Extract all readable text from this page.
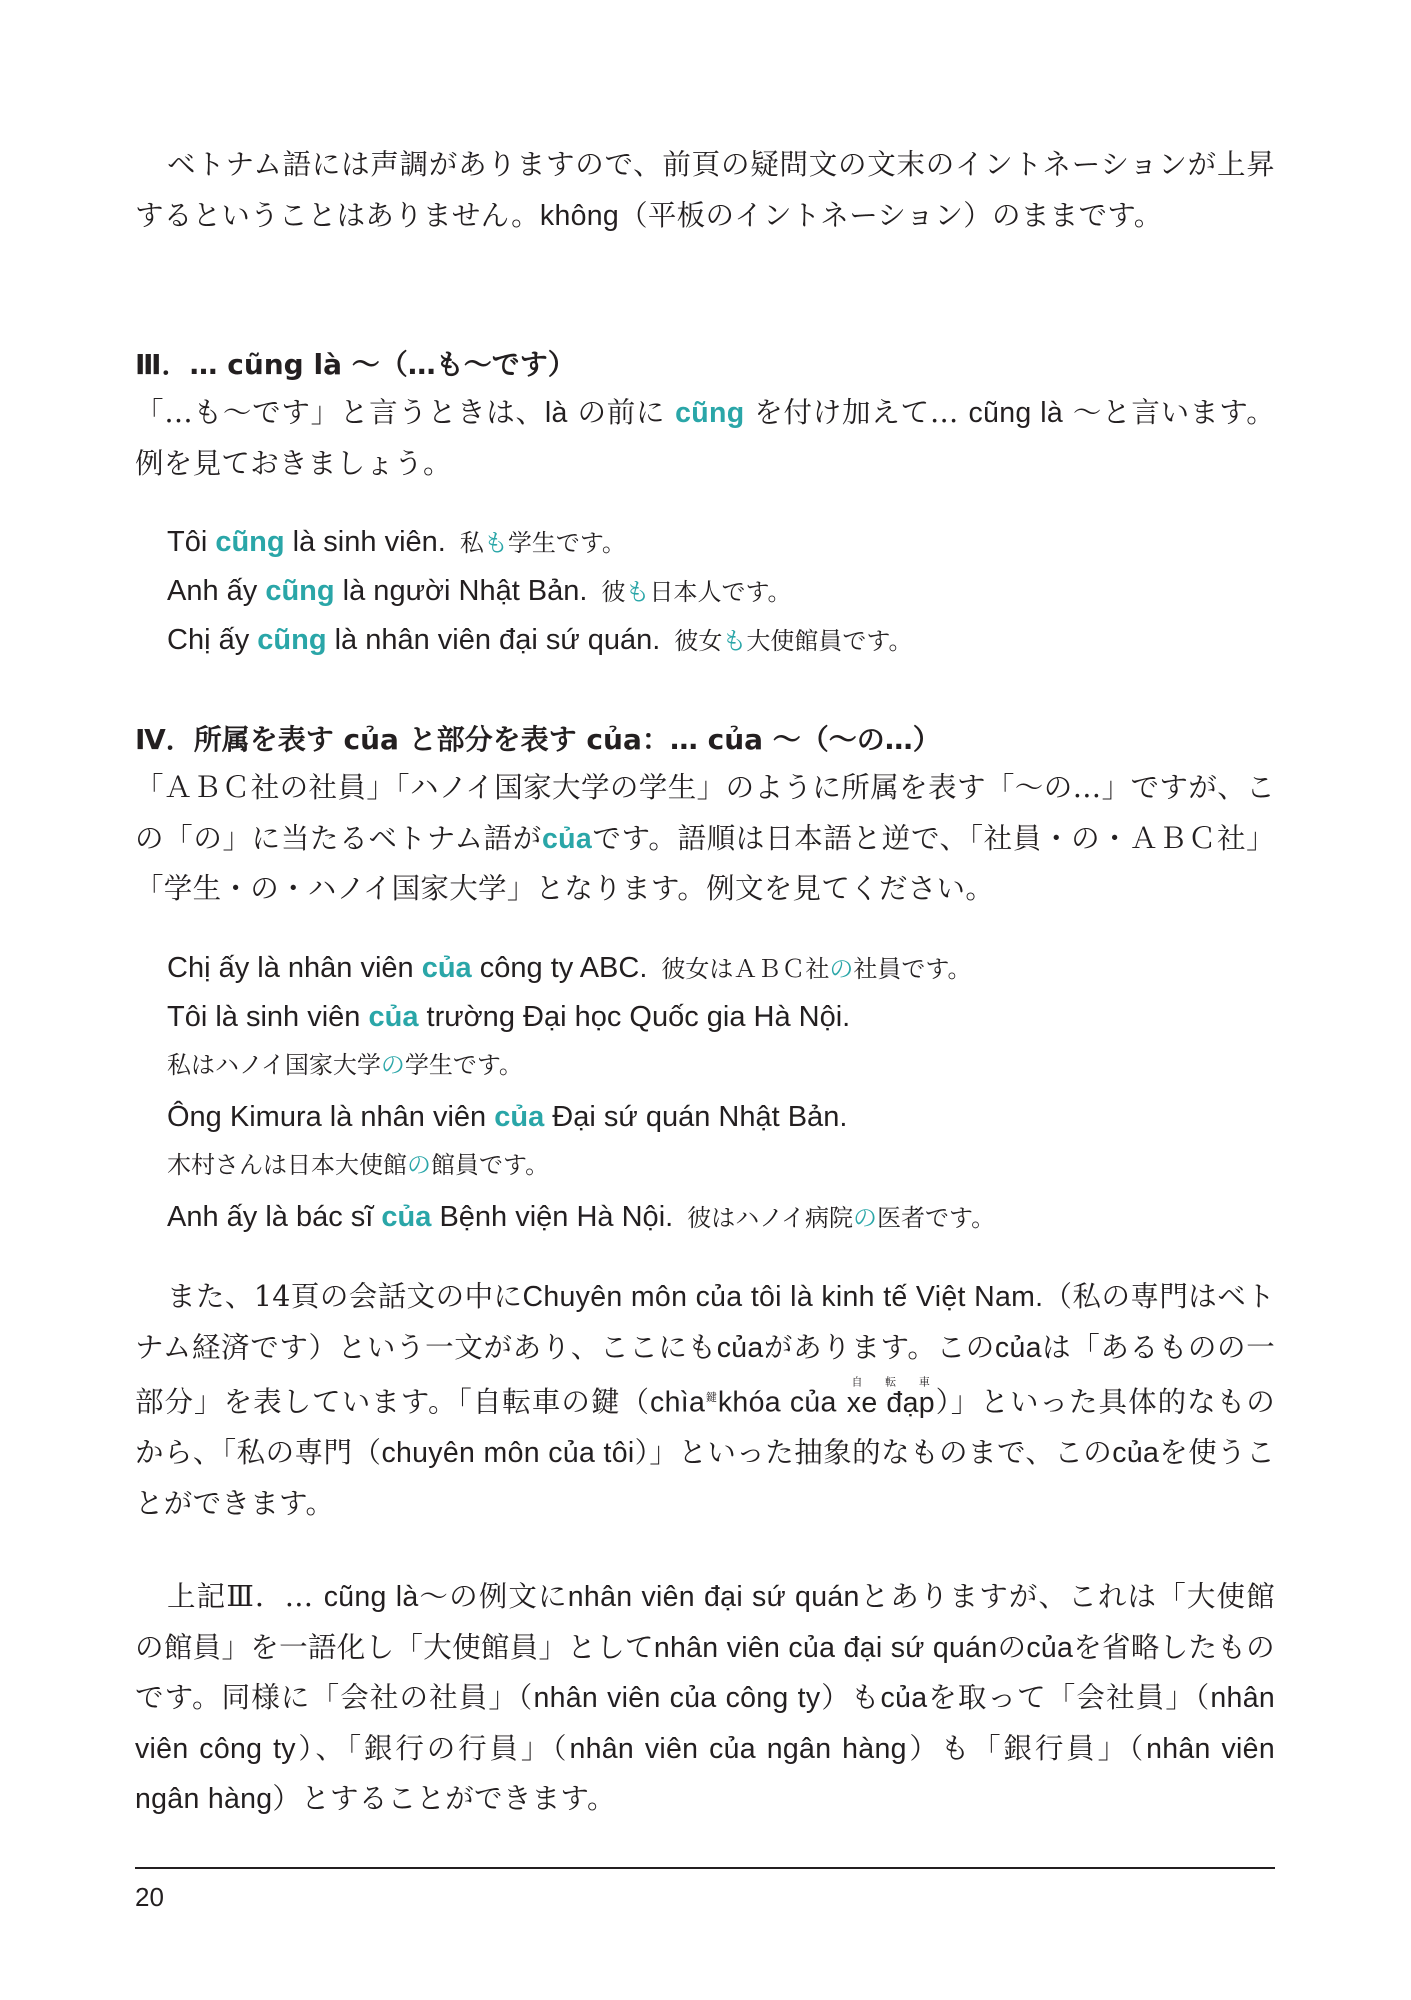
ベトナム語には声調がありますので、前頁の疑問文の文末のイントネーションが上昇するということはありません。không（平板のイントネーション）のままです。

Ⅲ．… cũng là 〜（…も〜です）

「…も〜です」と言うときは、là の前に cũng を付け加えて… cũng là 〜と言います。例を見ておきましょう。

Tôi cũng là sinh viên. 私も学生です。

Anh ấy cũng là người Nhật Bản. 彼も日本人です。

Chị ấy cũng là nhân viên đại sứ quán. 彼女も大使館員です。

Ⅳ．所属を表す của と部分を表す của：… của 〜（〜の…）

「ＡＢＣ社の社員」「ハノイ国家大学の学生」のように所属を表す「〜の…」ですが、この「の」に当たるベトナム語がcủaです。語順は日本語と逆で、「社員・の・ＡＢＣ社」「学生・の・ハノイ国家大学」となります。例文を見てください。

Chị ấy là nhân viên của công ty ABC. 彼女はＡＢＣ社の社員です。

Tôi là sinh viên của trường Đại học Quốc gia Hà Nội.

私はハノイ国家大学の学生です。

Ông Kimura là nhân viên của Đại sứ quán Nhật Bản.

木村さんは日本大使館の館員です。

Anh ấy là bác sĩ của Bệnh viện Hà Nội. 彼はハノイ病院の医者です。

また、14頁の会話文の中にChuyên môn của tôi là kinh tế Việt Nam.（私の専門はベトナム経済です）という一文があり、ここにもcủaがあります。このcủaは「あるものの一部分」を表しています。「自転車の鍵（chìa$^鍵$khóa của xe đạp自 転 車）」といった具体的なものから、「私の専門（chuyên môn của tôi）」といった抽象的なものまで、このcủaを使うことができます。

上記Ⅲ．… cũng là〜の例文にnhân viên đại sứ quánとありますが、これは「大使館の館員」を一語化し「大使館員」としてnhân viên của đại sứ quánのcủaを省略したものです。同様に「会社の社員」（nhân viên của công ty）もcủaを取って「会社員」（nhân viên công ty）、「銀行の行員」（nhân viên của ngân hàng）も「銀行員」（nhân viên ngân hàng）とすることができます。

20
